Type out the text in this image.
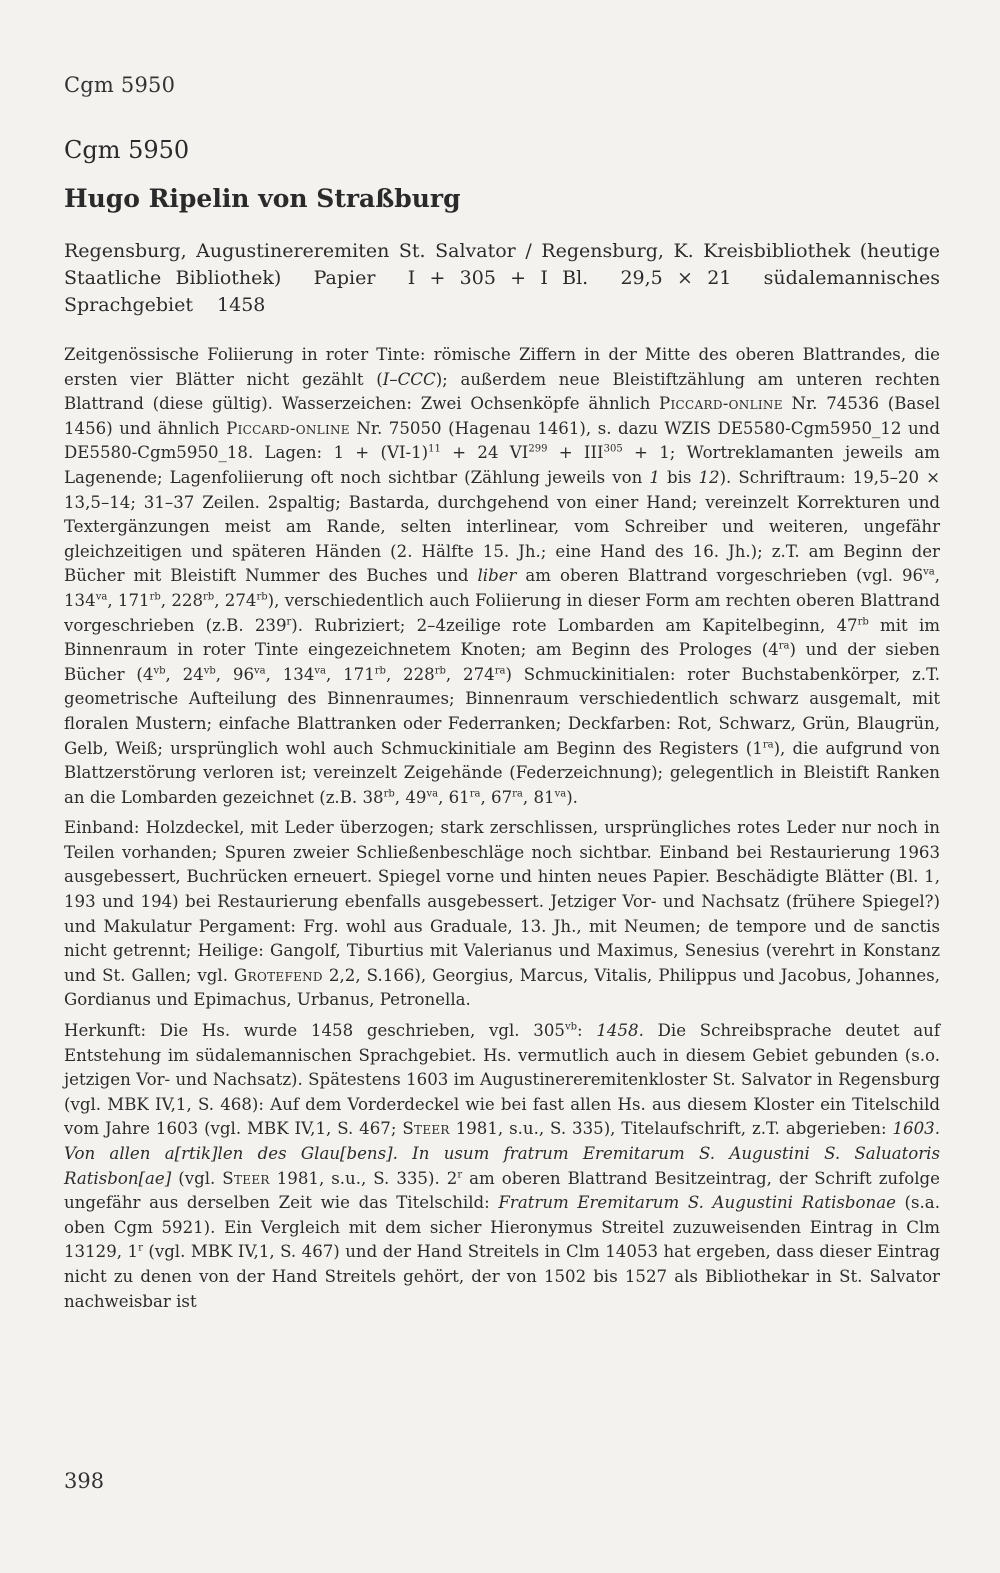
Cgm 5950
Cgm 5950
Hugo Ripelin von Straßburg
Regensburg, Augustinereremiten St. Salvator / Regensburg, K. Kreisbibliothek (heutige Staatliche Bibliothek) Papier I + 305 + I Bl. 29,5 × 21 südalemannisches Sprachgebiet 1458

Zeitgenössische Foliierung in roter Tinte: römische Ziffern in der Mitte des oberen Blattrandes, die ersten vier Blätter nicht gezählt (I–CCC); außerdem neue Bleistiftzählung am unteren rechten Blattrand (diese gültig). Wasserzeichen: Zwei Ochsenköpfe ähnlich Piccard-online Nr. 74536 (Basel 1456) und ähnlich Piccard-online Nr. 75050 (Hagenau 1461), s. dazu WZIS DE5580-Cgm5950_12 und DE5580-Cgm5950_18. Lagen: $1 + (VI-1)^{11} + 24$ $VI^{299} + III^{305} + 1$; Wortreklamanten jeweils am Lagenende; Lagenfoliierung oft noch sichtbar (Zählung jeweils von 1 bis 12). Schriftraum: 19,5–20 × 13,5–14; 31–37 Zeilen. 2spaltig; Bastarda, durchgehend von einer Hand; vereinzelt Korrekturen und Textergänzungen meist am Rande, selten interlinear, vom Schreiber und weiteren, ungefähr gleichzeitigen und späteren Händen (2. Hälfte 15. Jh.; eine Hand des 16. Jh.); z.T. am Beginn der Bücher mit Bleistift Nummer des Buches und liber am oberen Blattrand vorgeschrieben (vgl. $96^{va}$, $134^{va}$, $171^{rb}$, $228^{rb}$, $274^{rb}$), verschiedentlich auch Foliierung in dieser Form am rechten oberen Blattrand vorgeschrieben (z.B. 239$^r$). Rubriziert; 2–4zeilige rote Lombarden am Kapitelbeginn, $47^{rb}$ mit im Binnenraum in roter Tinte eingezeichnetem Knoten; am Beginn des Prologes $(4^{ra})$ und der sieben Bücher ($4^{vb}$, $24^{vb}$, $96^{va}$, $134^{va}$, $171^{rb}$, $228^{rb}$, $274^{ra}$) Schmuckinitialen: roter Buchstabenkörper, z.T. geometrische Aufteilung des Binnenraumes; Binnenraum verschiedentlich schwarz ausgemalt, mit floralen Mustern; einfache Blattranken oder Federranken; Deckfarben: Rot, Schwarz, Grün, Blaugrün, Gelb, Weiß; ursprünglich wohl auch Schmuckinitiale am Beginn des Registers $(1^{ra})$, die aufgrund von Blattzerstörung verloren ist; vereinzelt Zeigehände (Federzeichnung); gelegentlich in Bleistift Ranken an die Lombarden gezeichnet (z.B. $38^{rb}$, $49^{va}$, $61^{ra}$, $67^{ra}$, $81^{va}$).

Einband: Holzdeckel, mit Leder überzogen; stark zerschlissen, ursprüngliches rotes Leder nur noch in Teilen vorhanden; Spuren zweier Schließenbeschläge noch sichtbar. Einband bei Restaurierung 1963 ausgebessert, Buchrücken erneuert. Spiegel vorne und hinten neues Papier. Beschädigte Blätter (Bl. 1, 193 und 194) bei Restaurierung ebenfalls ausgebessert. Jetziger Vor- und Nachsatz (frühere Spiegel?) und Makulatur Pergament: Frg. wohl aus Graduale, 13. Jh., mit Neumen; de tempore und de sanctis nicht getrennt; Heilige: Gangolf, Tiburtius mit Valerianus und Maximus, Senesius (verehrt in Konstanz und St. Gallen; vgl. Grotefend 2,2, S.166), Georgius, Marcus, Vitalis, Philippus und Jacobus, Johannes, Gordianus und Epimachus, Urbanus, Petronella.

Herkunft: Die Hs. wurde 1458 geschrieben, vgl. $305^{vb}$: 1458. Die Schreibsprache deutet auf Entstehung im südalemannischen Sprachgebiet. Hs. vermutlich auch in diesem Gebiet gebunden (s.o. jetzigen Vor- und Nachsatz). Spätestens 1603 im Augustinereremitenkloster St. Salvator in Regensburg (vgl. MBK IV,1, S. 468): Auf dem Vorderdeckel wie bei fast allen Hs. aus diesem Kloster ein Titelschild vom Jahre 1603 (vgl. MBK IV,1, S. 467; Steer 1981, s.u., S. 335), Titelaufschrift, z.T. abgerieben: 1603. Von allen a[rtik]len des Glau[bens]. In usum fratrum Eremitarum S. Augustini S. Saluatoris Ratisbon[ae] (vgl. Steer 1981, s.u., S. 335). 2$^r$ am oberen Blattrand Besitzeintrag, der Schrift zufolge ungefähr aus derselben Zeit wie das Titelschild: Fratrum Eremitarum S. Augustini Ratisbonae (s.a. oben Cgm 5921). Ein Vergleich mit dem sicher Hieronymus Streitel zuzuweisenden Eintrag in Clm 13129, 1$^r$ (vgl. MBK IV,1, S. 467) und der Hand Streitels in Clm 14053 hat ergeben, dass dieser Eintrag nicht zu denen von der Hand Streitels gehört, der von 1502 bis 1527 als Bibliothekar in St. Salvator nachweisbar ist

398
